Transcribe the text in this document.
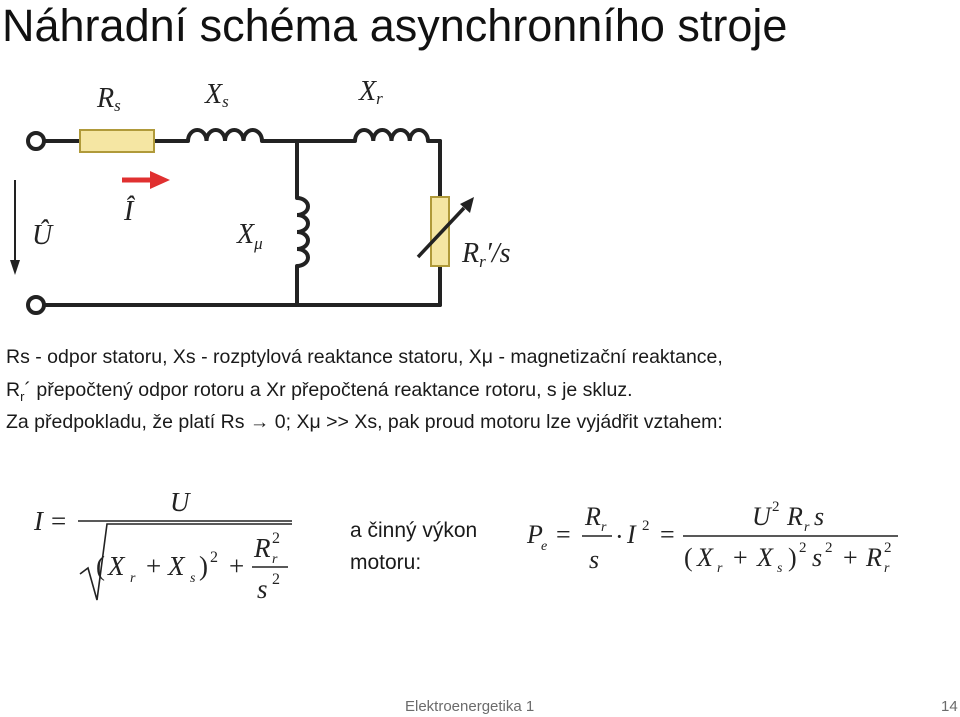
Náhradní schéma asynchronního stroje
Rs	Xs	Xr
$X_\mu$	Rr′/s
Û
Î
Rs - odpor statoru, Xs - rozptylová reaktance statoru, Xμ - magnetizační reaktance,
$R_r´$ přepočtený odpor rotoru a Xr přepočtená reaktance rotoru, s je skluz.
Za předpokladu, že platí Rs → 0; Xμ >> Xs, pak proud motoru lze vyjádřit vztahem:
I =
U
( X r + X s ) 2 +
R 2
r
s 2
P
e =
R r
s
· I 2 =
U 2 R r s
( X r + X s ) 2 s 2 + R 2
r
a činný výkon
motoru:
Elektroenergetika 1	14
